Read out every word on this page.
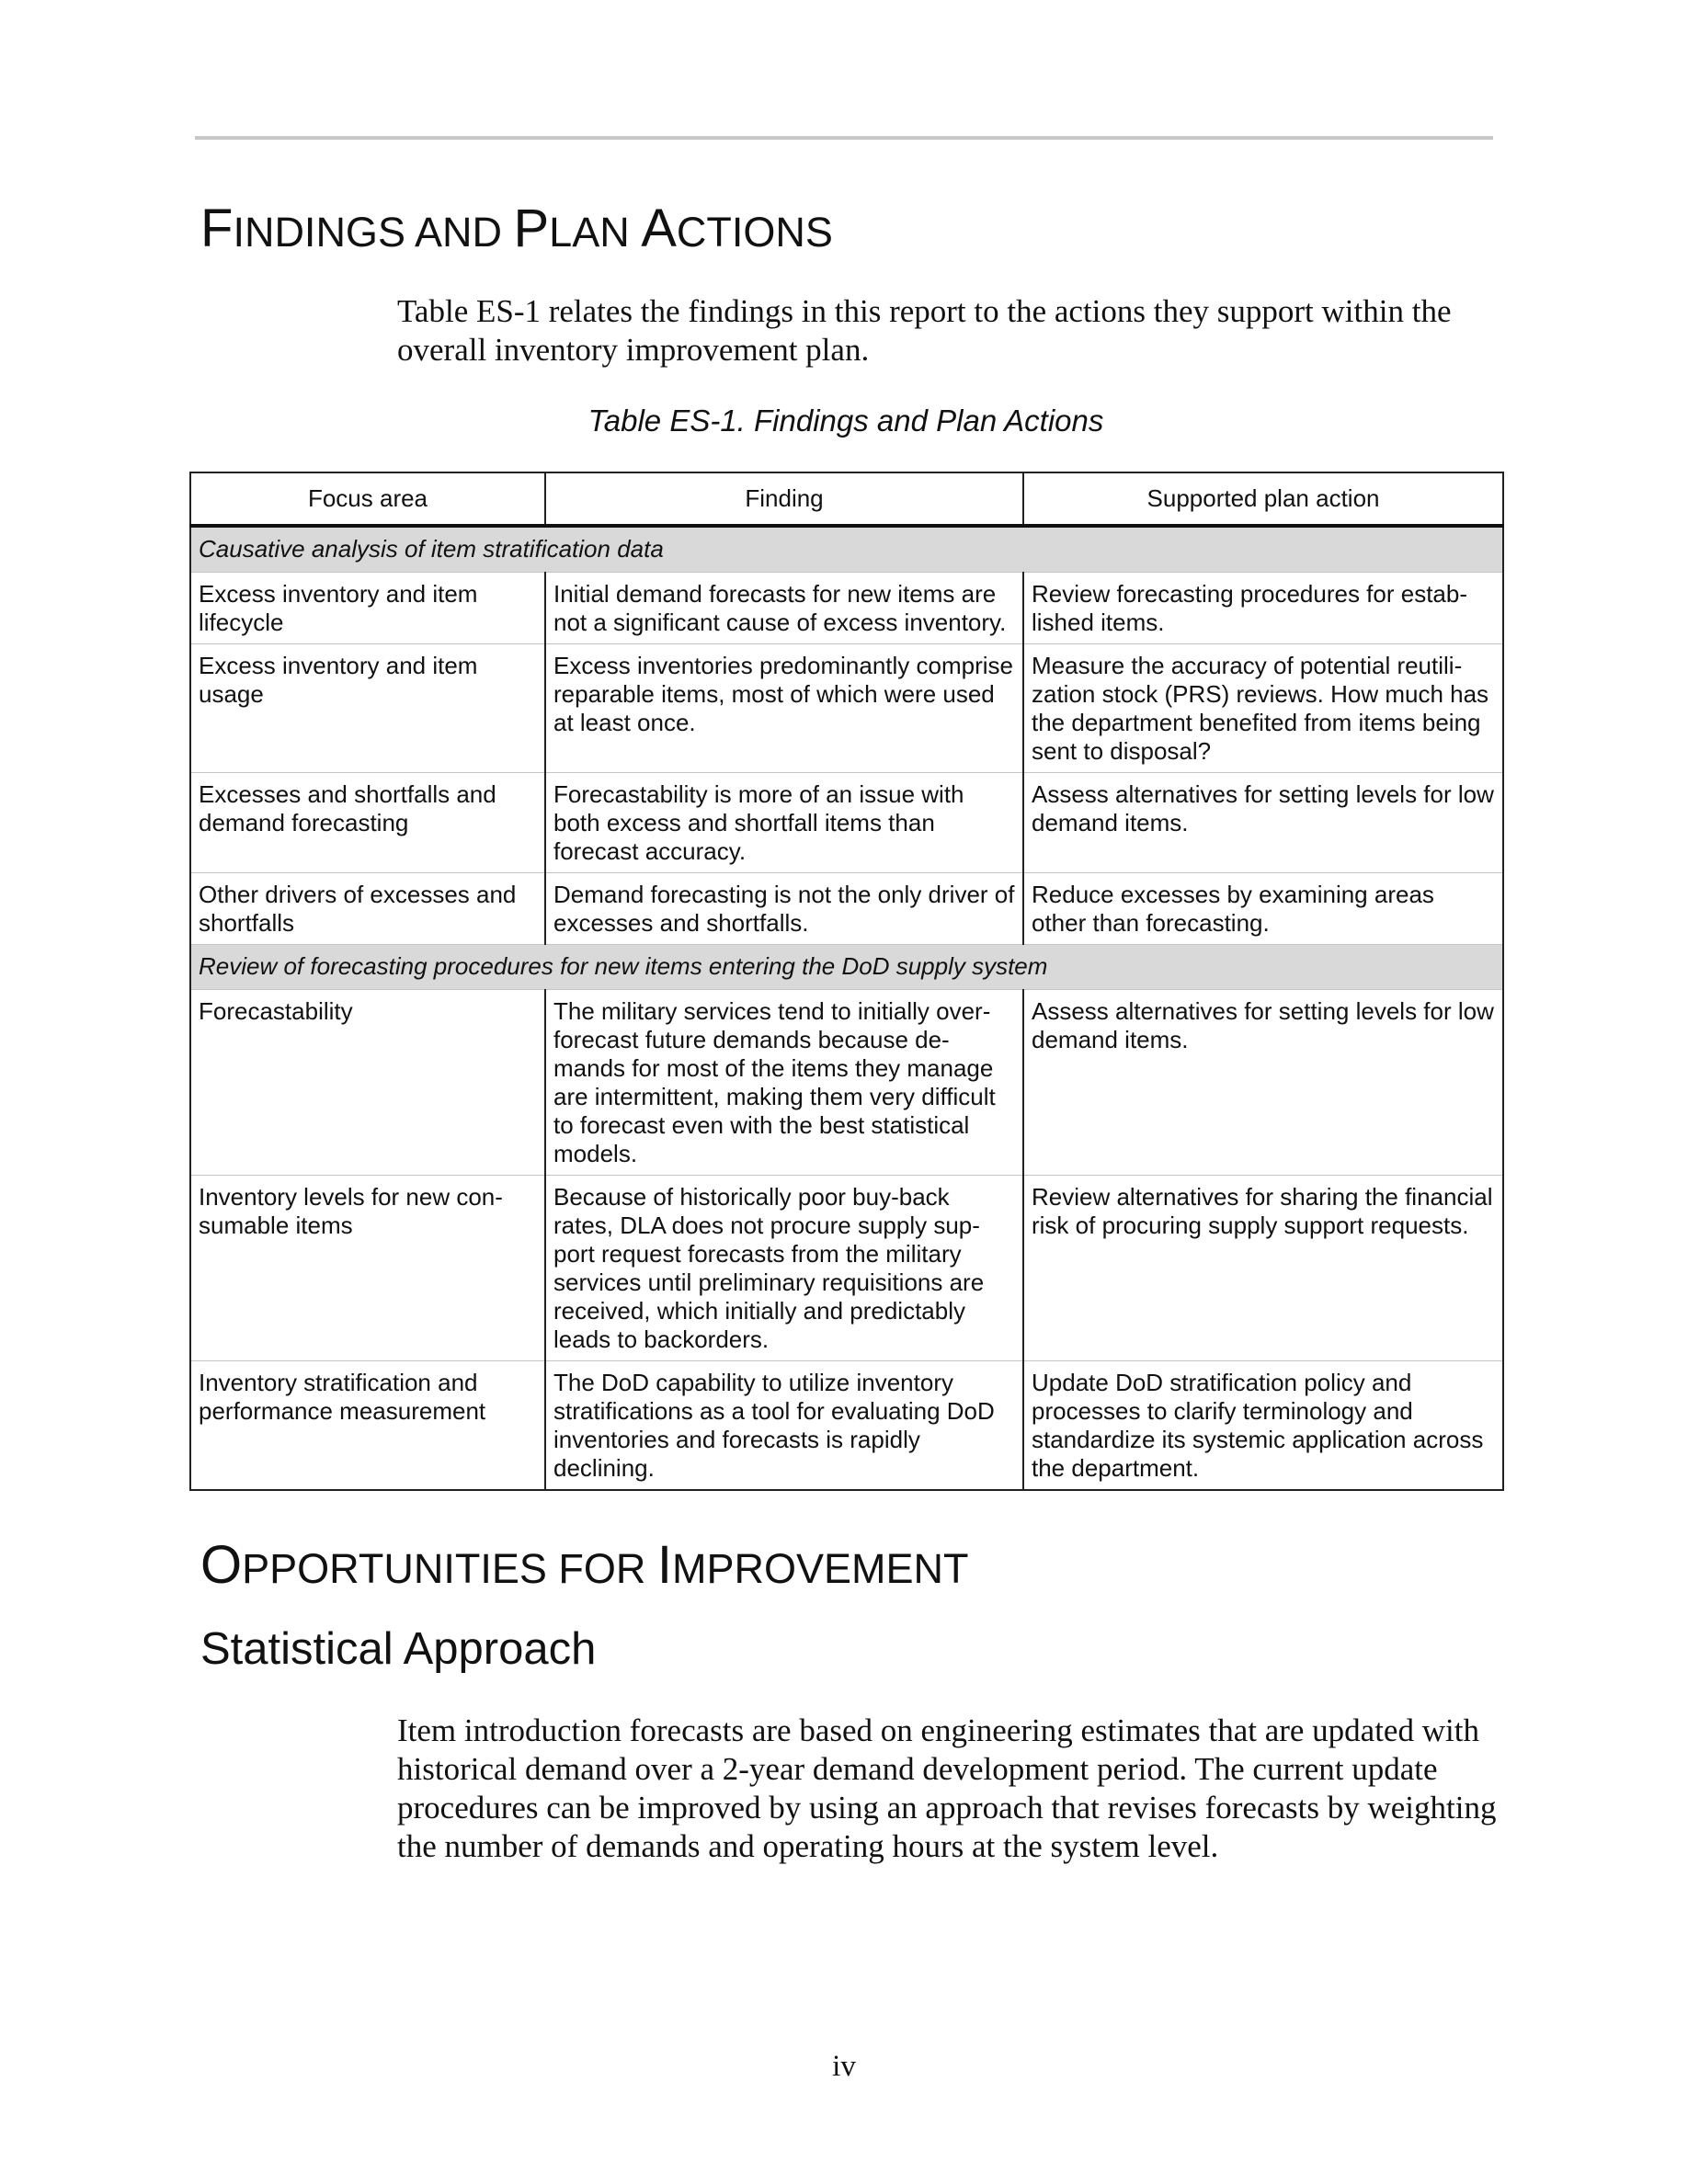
FINDINGS AND PLAN ACTIONS

Table ES-1 relates the findings in this report to the actions they support within the overall inventory improvement plan.

Table ES-1. Findings and Plan Actions

Focus area	Finding	Supported plan action
Causative analysis of item stratification data		
Excess inventory and item lifecycle	Initial demand forecasts for new items are not a significant cause of excess inventory.	Review forecasting procedures for estab-lished items.
Excess inventory and item usage	Excess inventories predominantly comprise reparable items, most of which were used at least once.	Measure the accuracy of potential reutili-zation stock (PRS) reviews. How much has the department benefited from items being sent to disposal?
Excesses and shortfalls and demand forecasting	Forecastability is more of an issue with both excess and shortfall items than forecast accuracy.	Assess alternatives for setting levels for low demand items.
Other drivers of excesses and shortfalls	Demand forecasting is not the only driver of excesses and shortfalls.	Reduce excesses by examining areas other than forecasting.
Review of forecasting procedures for new items entering the DoD supply system		
Forecastability	The military services tend to initially over-forecast future demands because de-mands for most of the items they manage are intermittent, making them very difficult to forecast even with the best statistical models.	Assess alternatives for setting levels for low demand items.
Inventory levels for new con-sumable items	Because of historically poor buy-back rates, DLA does not procure supply sup-port request forecasts from the military services until preliminary requisitions are received, which initially and predictably leads to backorders.	Review alternatives for sharing the financial risk of procuring supply support requests.
Inventory stratification and performance measurement	The DoD capability to utilize inventory stratifications as a tool for evaluating DoD inventories and forecasts is rapidly declining.	Update DoD stratification policy and processes to clarify terminology and standardize its systemic application across the department.
OPPORTUNITIES FOR IMPROVEMENT
Statistical Approach

Item introduction forecasts are based on engineering estimates that are updated with historical demand over a 2-year demand development period. The current update procedures can be improved by using an approach that revises forecasts by weighting the number of demands and operating hours at the system level.

iv
